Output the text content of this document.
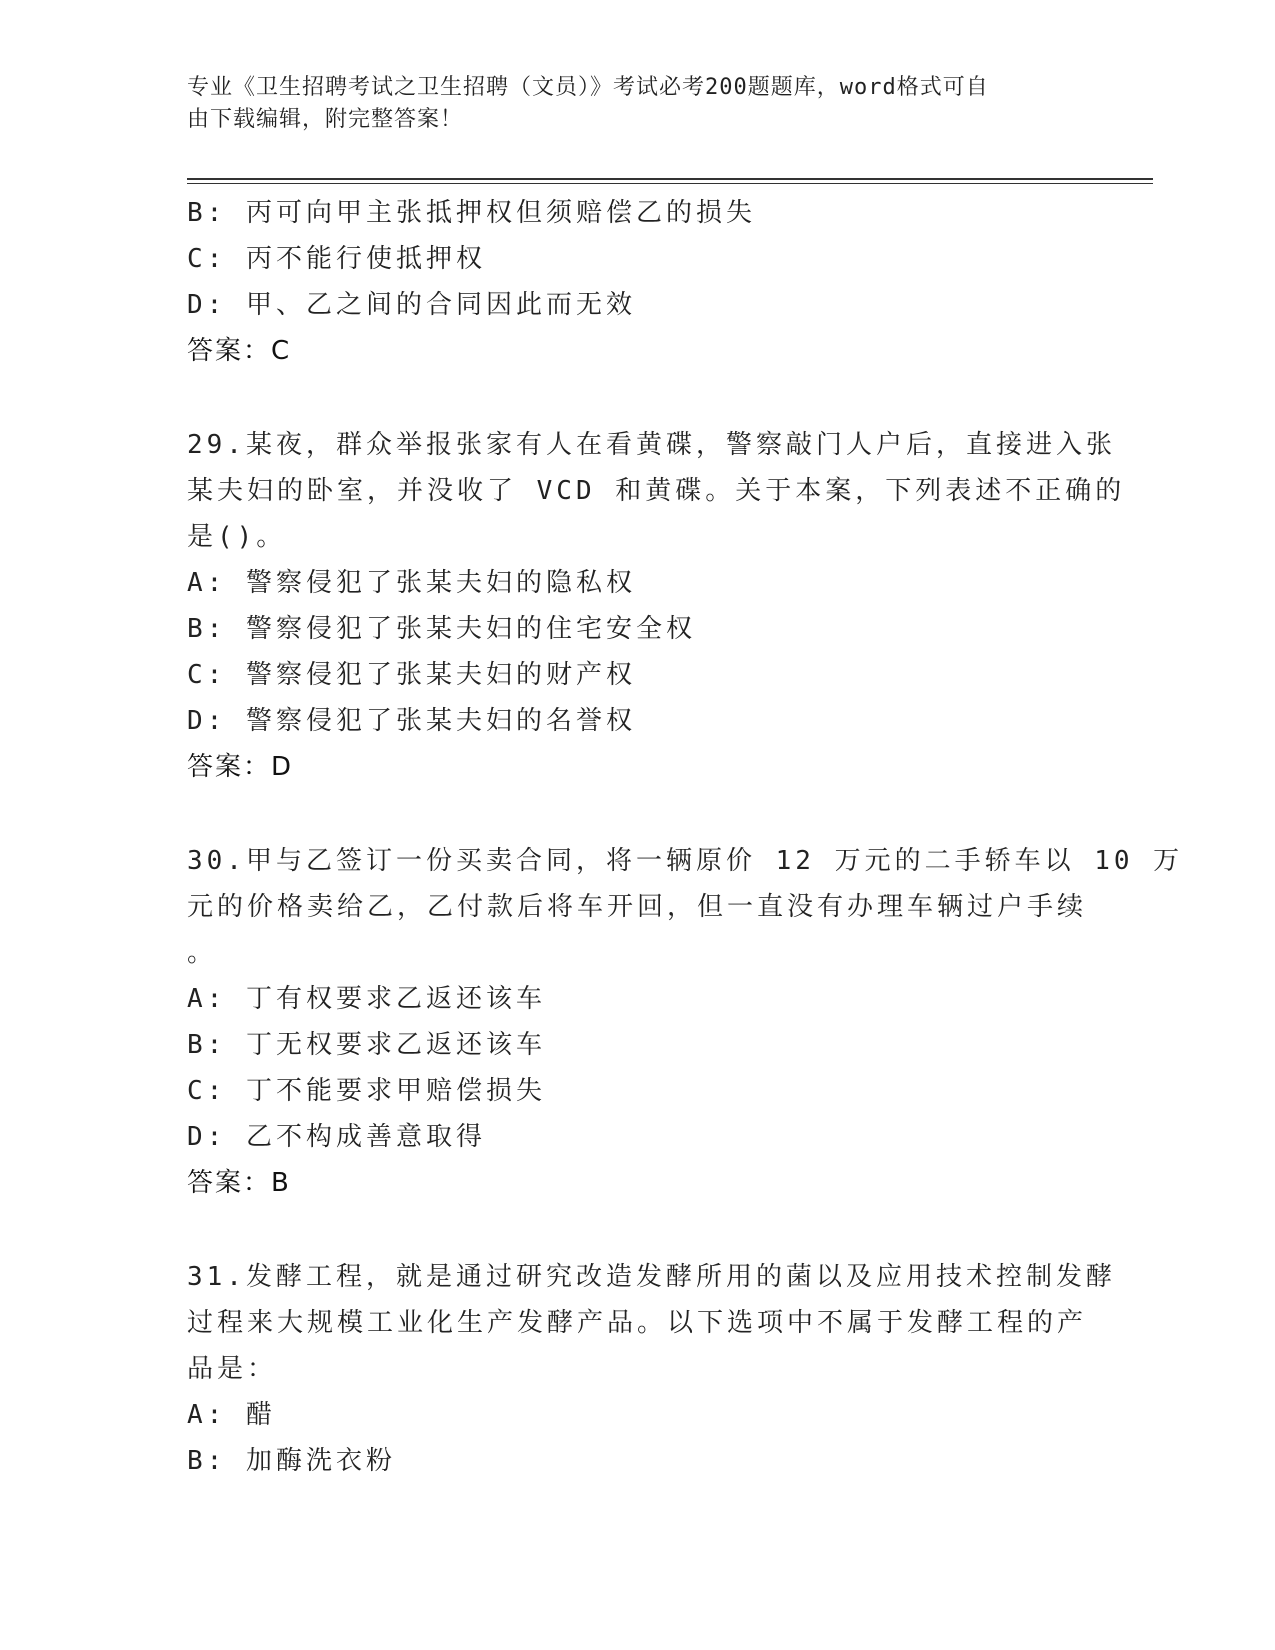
专业《卫生招聘考试之卫生招聘（文员）》考试必考200题题库，word格式可自
由下载编辑，附完整答案！
B: 丙可向甲主张抵押权但须赔偿乙的损失
C: 丙不能行使抵押权
D: 甲、乙之间的合同因此而无效
答案：C
29.某夜，群众举报张家有人在看黄碟，警察敲门人户后，直接进入张
某夫妇的卧室，并没收了 VCD 和黄碟。关于本案，下列表述不正确的
是()。
A: 警察侵犯了张某夫妇的隐私权
B: 警察侵犯了张某夫妇的住宅安全权
C: 警察侵犯了张某夫妇的财产权
D: 警察侵犯了张某夫妇的名誉权
答案：D
30.甲与乙签订一份买卖合同，将一辆原价 12 万元的二手轿车以 10 万
元的价格卖给乙，乙付款后将车开回，但一直没有办理车辆过户手续
。
A: 丁有权要求乙返还该车
B: 丁无权要求乙返还该车
C: 丁不能要求甲赔偿损失
D: 乙不构成善意取得
答案：B
31.发酵工程，就是通过研究改造发酵所用的菌以及应用技术控制发酵
过程来大规模工业化生产发酵产品。以下选项中不属于发酵工程的产
品是：
A: 醋
B: 加酶洗衣粉
